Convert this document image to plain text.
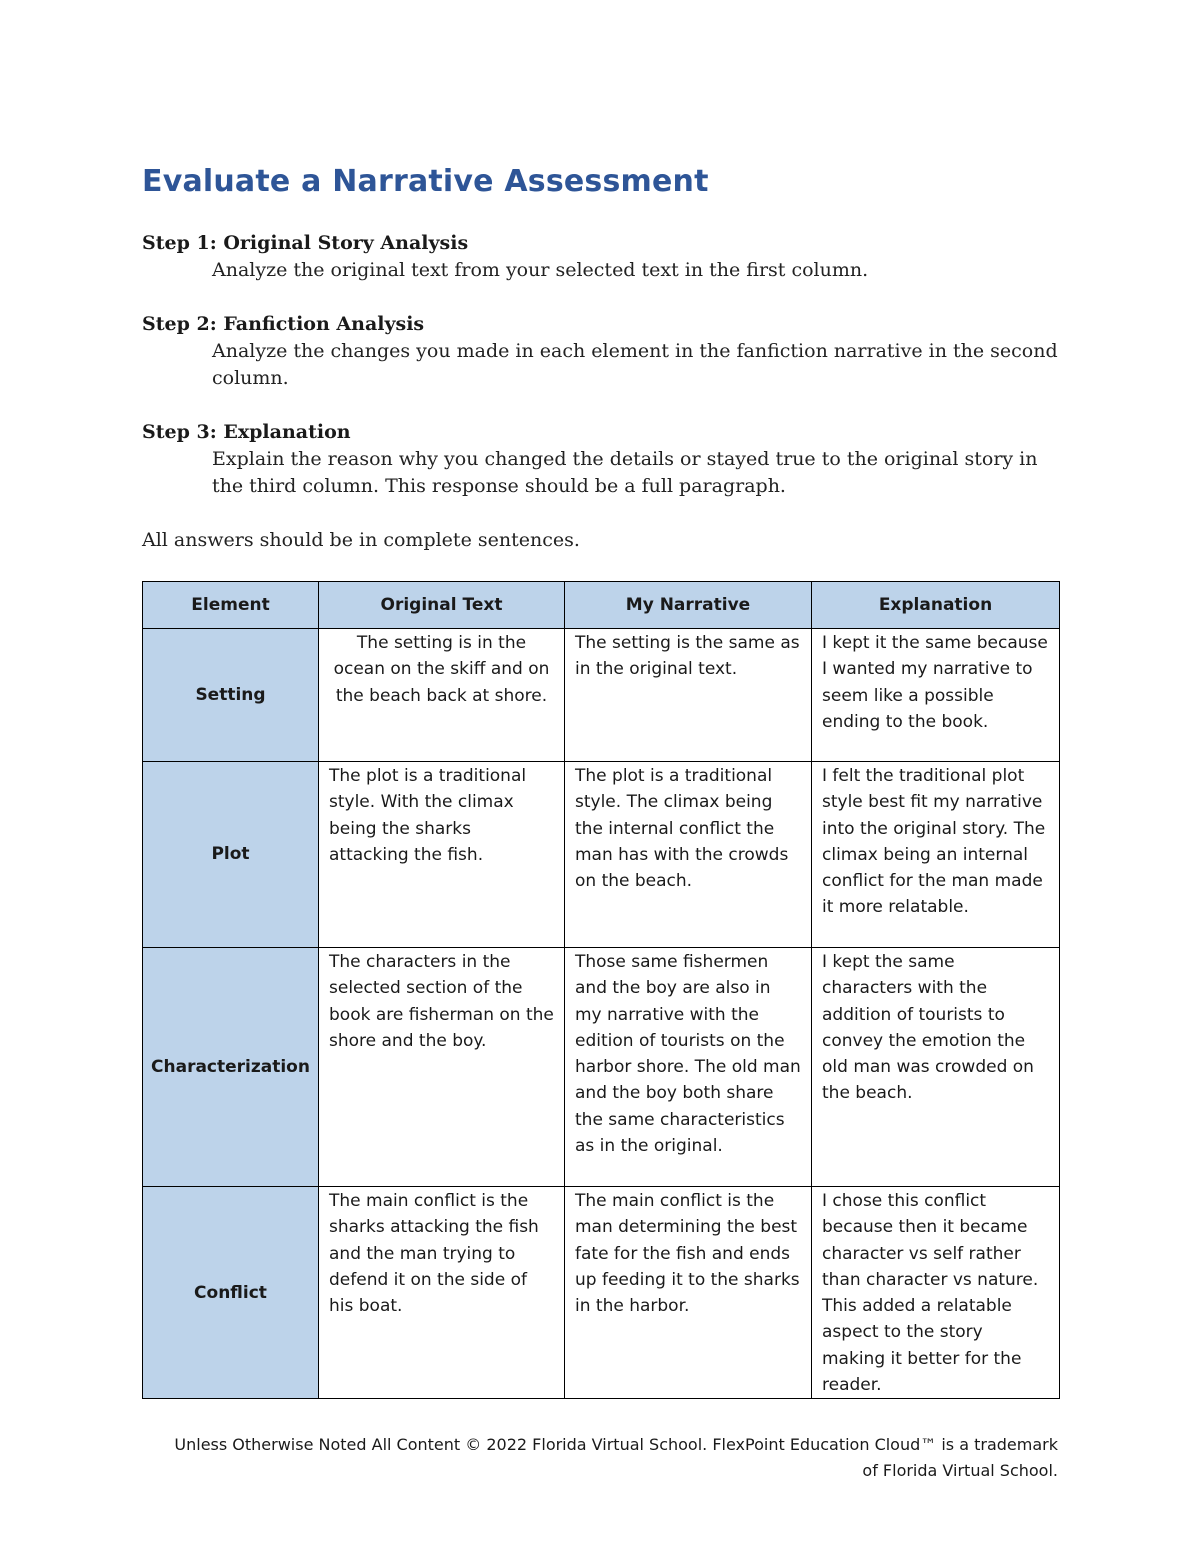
Evaluate a Narrative Assessment

Step 1: Original Story Analysis

Analyze the original text from your selected text in the first column.

Step 2: Fanfiction Analysis

Analyze the changes you made in each element in the fanfiction narrative in the second column.

Step 3: Explanation

Explain the reason why you changed the details or stayed true to the original story in the third column. This response should be a full paragraph.

All answers should be in complete sentences.

Element	Original Text	My Narrative	Explanation
Setting	The setting is in the ocean on the skiff and on the beach back at shore.	The setting is the same as in the original text.	I kept it the same because I wanted my narrative to seem like a possible ending to the book.
Plot	The plot is a traditional style. With the climax being the sharks attacking the fish.	The plot is a traditional style. The climax being the internal conflict the man has with the crowds on the beach.	I felt the traditional plot style best fit my narrative into the original story. The climax being an internal conflict for the man made it more relatable.
Characterization	The characters in the selected section of the book are fisherman on the shore and the boy.	Those same fishermen and the boy are also in my narrative with the edition of tourists on the harbor shore. The old man and the boy both share the same characteristics as in the original.	I kept the same characters with the addition of tourists to convey the emotion the old man was crowded on the beach.
Conflict	The main conflict is the sharks attacking the fish and the man trying to defend it on the side of his boat.	The main conflict is the man determining the best fate for the fish and ends up feeding it to the sharks in the harbor.	I chose this conflict because then it became character vs self rather than character vs nature. This added a relatable aspect to the story making it better for the reader.
Unless Otherwise Noted All Content © 2022 Florida Virtual School. FlexPoint Education Cloud™ is a trademark of Florida Virtual School.
